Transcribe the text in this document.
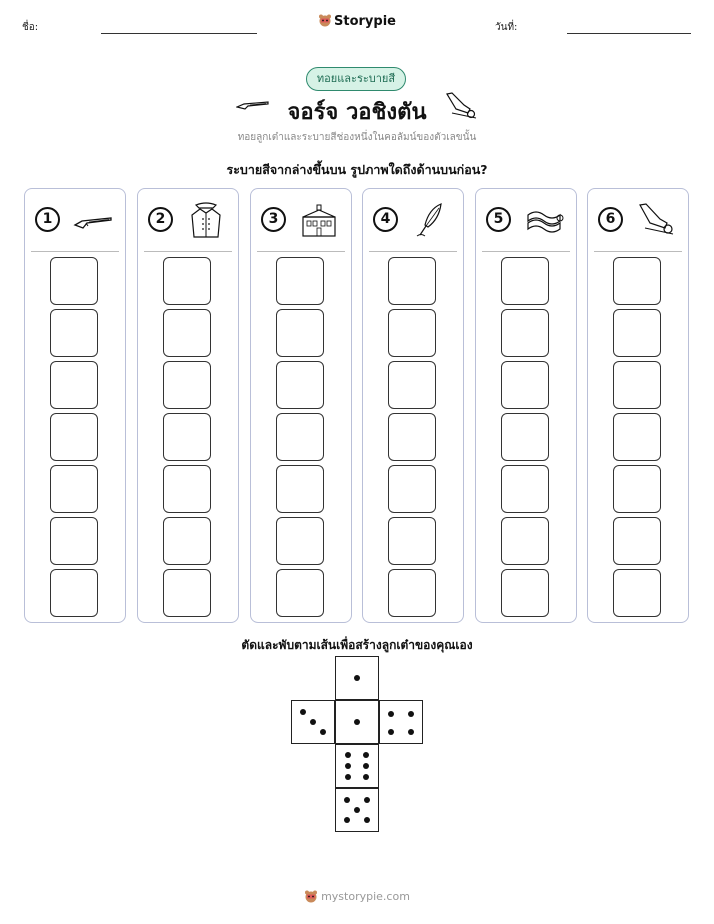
ชื่อ:	Storypie	วันที่:
ทอยและระบายสี
จอร์จ วอชิงตัน
ทอยลูกเต๋าและระบายสีช่องหนึ่งในคอลัมน์ของตัวเลขนั้น
ระบายสีจากล่างขึ้นบน รูปภาพใดถึงด้านบนก่อน?
1	2	3	4	5	6
ตัดและพับตามเส้นเพื่อสร้างลูกเต๋าของคุณเอง
mystorypie.com
